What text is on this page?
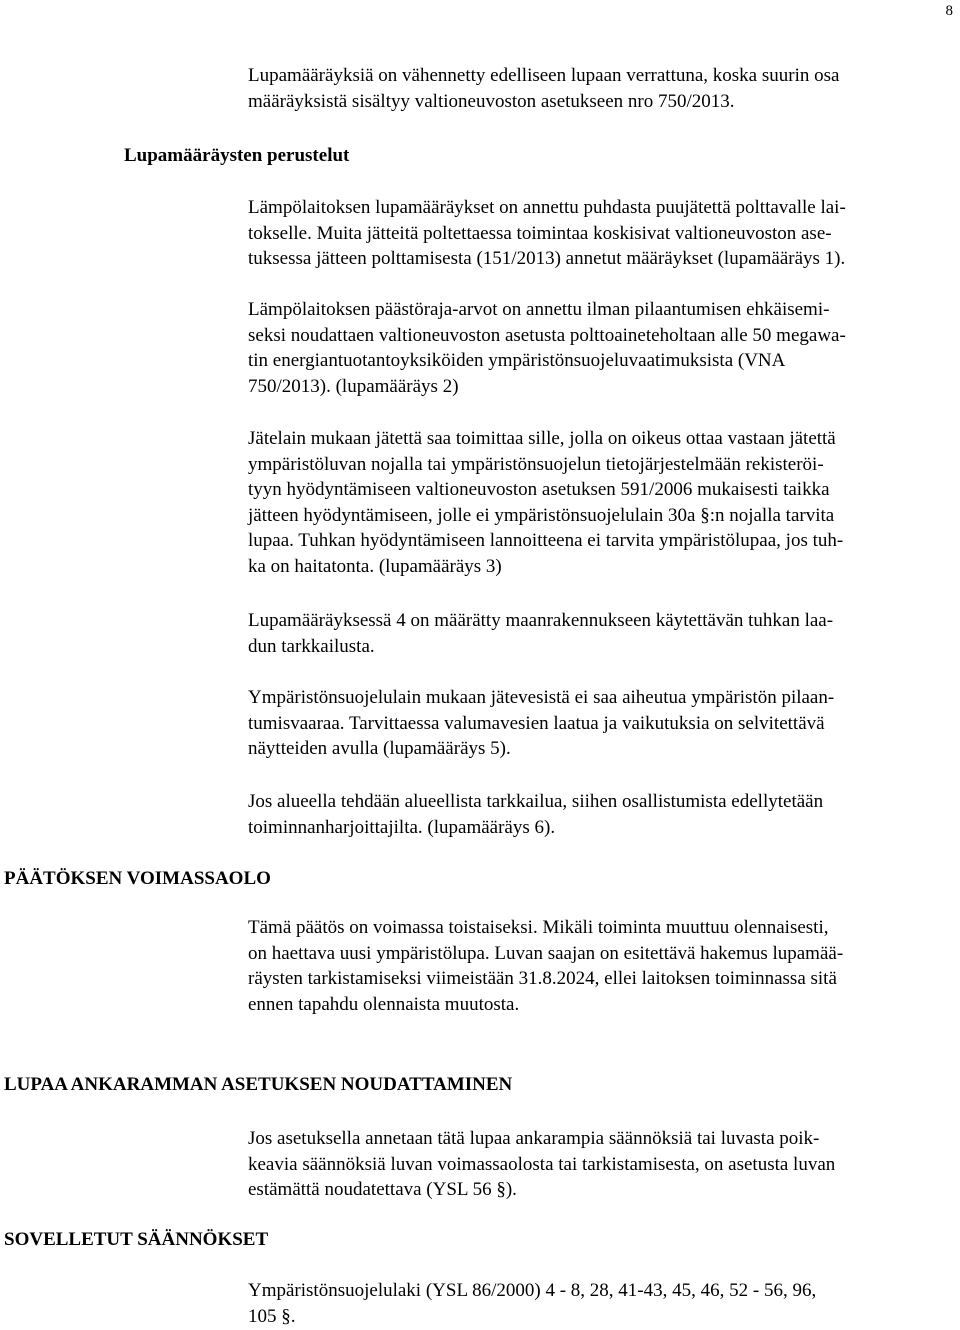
8
Lupamääräyksiä on vähennetty edelliseen lupaan verrattuna, koska suurin osa
määräyksistä sisältyy valtioneuvoston asetukseen nro 750/2013.
Lupamääräysten perustelut
Lämpölaitoksen lupamääräykset on annettu puhdasta puujätettä polttavalle lai-
tokselle. Muita jätteitä poltettaessa toimintaa koskisivat valtioneuvoston ase-
tuksessa jätteen polttamisesta (151/2013) annetut määräykset (lupamääräys 1).
Lämpölaitoksen päästöraja-arvot on annettu ilman pilaantumisen ehkäisemi-
seksi noudattaen valtioneuvoston asetusta polttoaineteholtaan alle 50 megawa-
tin energiantuotantoyksiköiden ympäristönsuojeluvaatimuksista (VNA
750/2013). (lupamääräys 2)
Jätelain mukaan jätettä saa toimittaa sille, jolla on oikeus ottaa vastaan jätettä
ympäristöluvan nojalla tai ympäristönsuojelun tietojärjestelmään rekisteröi-
tyyn hyödyntämiseen valtioneuvoston asetuksen 591/2006 mukaisesti taikka
jätteen hyödyntämiseen, jolle ei ympäristönsuojelulain 30a §:n nojalla tarvita
lupaa. Tuhkan hyödyntämiseen lannoitteena ei tarvita ympäristölupaa, jos tuh-
ka on haitatonta. (lupamääräys 3)
Lupamääräyksessä 4 on määrätty maanrakennukseen käytettävän tuhkan laa-
dun tarkkailusta.
Ympäristönsuojelulain mukaan jätevesistä ei saa aiheutua ympäristön pilaan-
tumisvaaraa. Tarvittaessa valumavesien laatua ja vaikutuksia on selvitettävä
näytteiden avulla (lupamääräys 5).
Jos alueella tehdään alueellista tarkkailua, siihen osallistumista edellytetään
toiminnanharjoittajilta. (lupamääräys 6).
PÄÄTÖKSEN VOIMASSAOLO
Tämä päätös on voimassa toistaiseksi. Mikäli toiminta muuttuu olennaisesti,
on haettava uusi ympäristölupa. Luvan saajan on esitettävä hakemus lupamää-
räysten tarkistamiseksi viimeistään 31.8.2024, ellei laitoksen toiminnassa sitä
ennen tapahdu olennaista muutosta.
LUPAA ANKARAMMAN ASETUKSEN NOUDATTAMINEN
Jos asetuksella annetaan tätä lupaa ankarampia säännöksiä tai luvasta poik-
keavia säännöksiä luvan voimassaolosta tai tarkistamisesta, on asetusta luvan
estämättä noudatettava (YSL 56 §).
SOVELLETUT SÄÄNNÖKSET
Ympäristönsuojelulaki (YSL 86/2000) 4 - 8, 28, 41-43, 45, 46, 52 - 56, 96,
105 §.
